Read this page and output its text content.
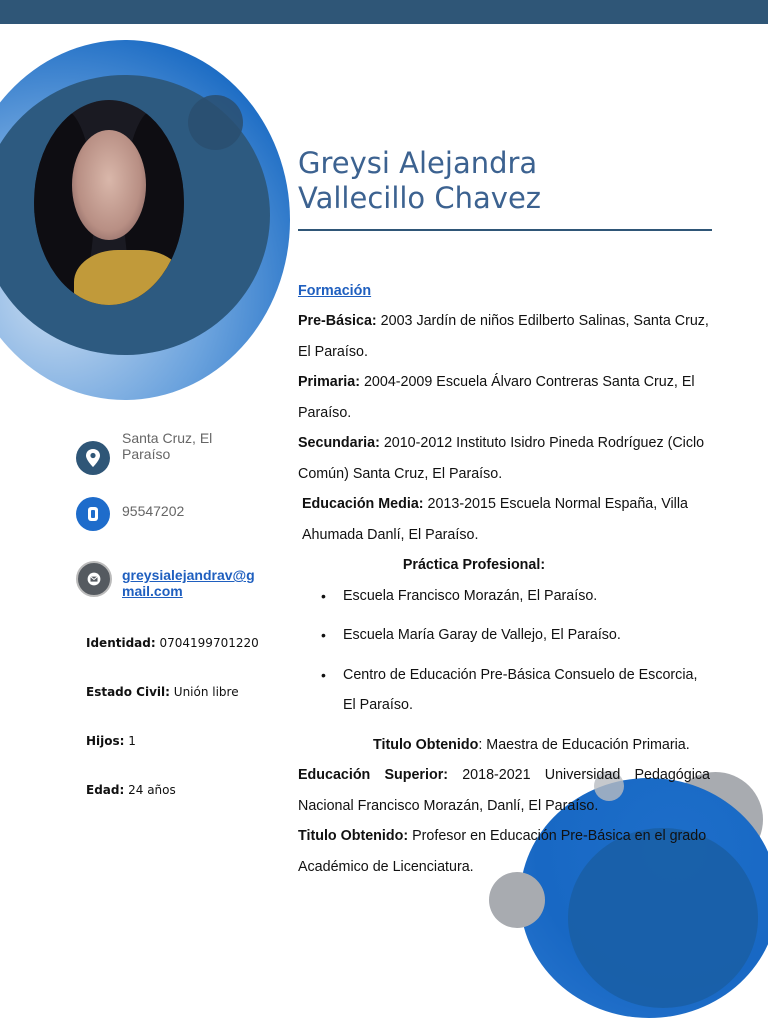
Greysi Alejandra
Vallecillo Chavez
Santa Cruz, El Paraíso
95547202
greysialejandrav@gmail.com
Identidad: 0704199701220
Estado Civil: Unión libre
Hijos: 1
Edad: 24 años

Formación

Pre-Básica: 2003 Jardín de niños Edilberto Salinas, Santa Cruz, El Paraíso.

Primaria: 2004-2009 Escuela Álvaro Contreras Santa Cruz, El Paraíso.

Secundaria: 2010-2012 Instituto Isidro Pineda Rodríguez (Ciclo Común) Santa Cruz, El Paraíso.

Educación Media: 2013-2015 Escuela Normal España, Villa Ahumada Danlí, El Paraíso.

Práctica Profesional:

• Escuela Francisco Morazán, El Paraíso.
• Escuela María Garay de Vallejo, El Paraíso.
• Centro de Educación Pre-Básica Consuelo de Escorcia, El Paraíso.

Titulo Obtenido: Maestra de Educación Primaria.

Educación Superior: 2018-2021 Universidad Pedagógica Nacional Francisco Morazán, Danlí, El Paraíso.

Titulo Obtenido: Profesor en Educación Pre-Básica en el grado Académico de Licenciatura.
